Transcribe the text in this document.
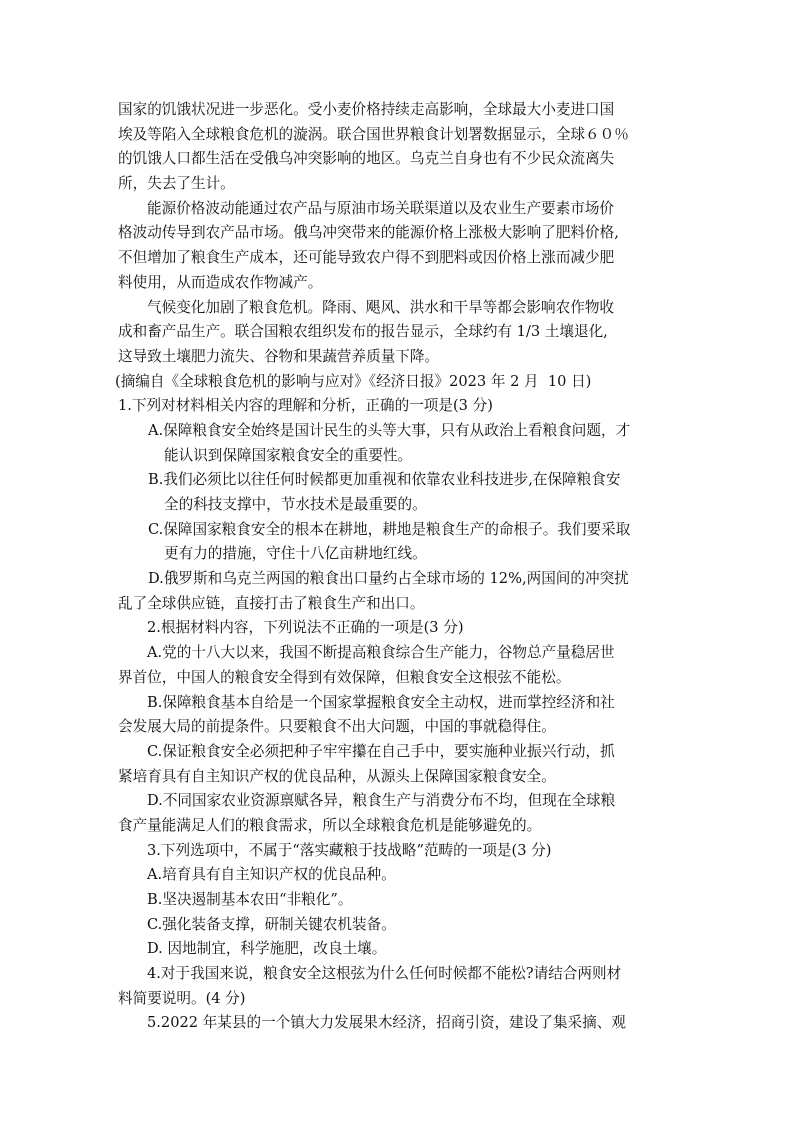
国家的饥饿状况进一步恶化。受小麦价格持续走高影响，全球最大小麦进口国
埃及等陷入全球粮食危机的漩涡。联合国世界粮食计划署数据显示，全球６０％
的饥饿人口都生活在受俄乌冲突影响的地区。乌克兰自身也有不少民众流离失
所，失去了生计。
能源价格波动能通过农产品与原油市场关联渠道以及农业生产要素市场价
格波动传导到农产品市场。俄乌冲突带来的能源价格上涨极大影响了肥料价格,
不但增加了粮食生产成本，还可能导致农户得不到肥料或因价格上涨而减少肥
料使用，从而造成农作物减产。
气候变化加剧了粮食危机。降雨、飓风、洪水和干旱等都会影响农作物收
成和畜产品生产。联合国粮农组织发布的报告显示，全球约有 1/3 土壤退化,
这导致土壤肥力流失、谷物和果蔬营养质量下降。
(摘编自《全球粮食危机的影响与应对》《经济日报》2023 年 2 月  10 日)
1.下列对材料相关内容的理解和分析，正确的一项是(3 分)
A.保障粮食安全始终是国计民生的头等大事，只有从政治上看粮食问题，才
能认识到保障国家粮食安全的重要性。
B.我们必须比以往任何时候都更加重视和依靠农业科技进步,在保障粮食安
全的科技支撑中，节水技术是最重要的。
C.保障国家粮食安全的根本在耕地，耕地是粮食生产的命根子。我们要采取
更有力的措施，守住十八亿亩耕地红线。
D.俄罗斯和乌克兰两国的粮食出口量约占全球市场的 12%,两国间的冲突扰
乱了全球供应链，直接打击了粮食生产和出口。
2.根据材料内容，下列说法不正确的一项是(3 分)
A.党的十八大以来，我国不断提高粮食综合生产能力，谷物总产量稳居世
界首位，中国人的粮食安全得到有效保障，但粮食安全这根弦不能松。
B.保障粮食基本自给是一个国家掌握粮食安全主动权，进而掌控经济和社
会发展大局的前提条件。只要粮食不出大问题，中国的事就稳得住。
C.保证粮食安全必须把种子牢牢攥在自己手中，要实施种业振兴行动，抓
紧培育具有自主知识产权的优良品种，从源头上保障国家粮食安全。
D.不同国家农业资源禀赋各异，粮食生产与消费分布不均，但现在全球粮
食产量能满足人们的粮食需求，所以全球粮食危机是能够避免的。
3.下列选项中，不属于“落实藏粮于技战略”范畴的一项是(3 分)
A.培育具有自主知识产权的优良品种。
B.坚决遏制基本农田“非粮化”。
C.强化装备支撑，研制关键农机装备。
D. 因地制宜，科学施肥，改良土壤。
4.对于我国来说，粮食安全这根弦为什么任何时候都不能松?请结合两则材
料简要说明。(4 分)
5.2022 年某县的一个镇大力发展果木经济，招商引资，建设了集采摘、观
